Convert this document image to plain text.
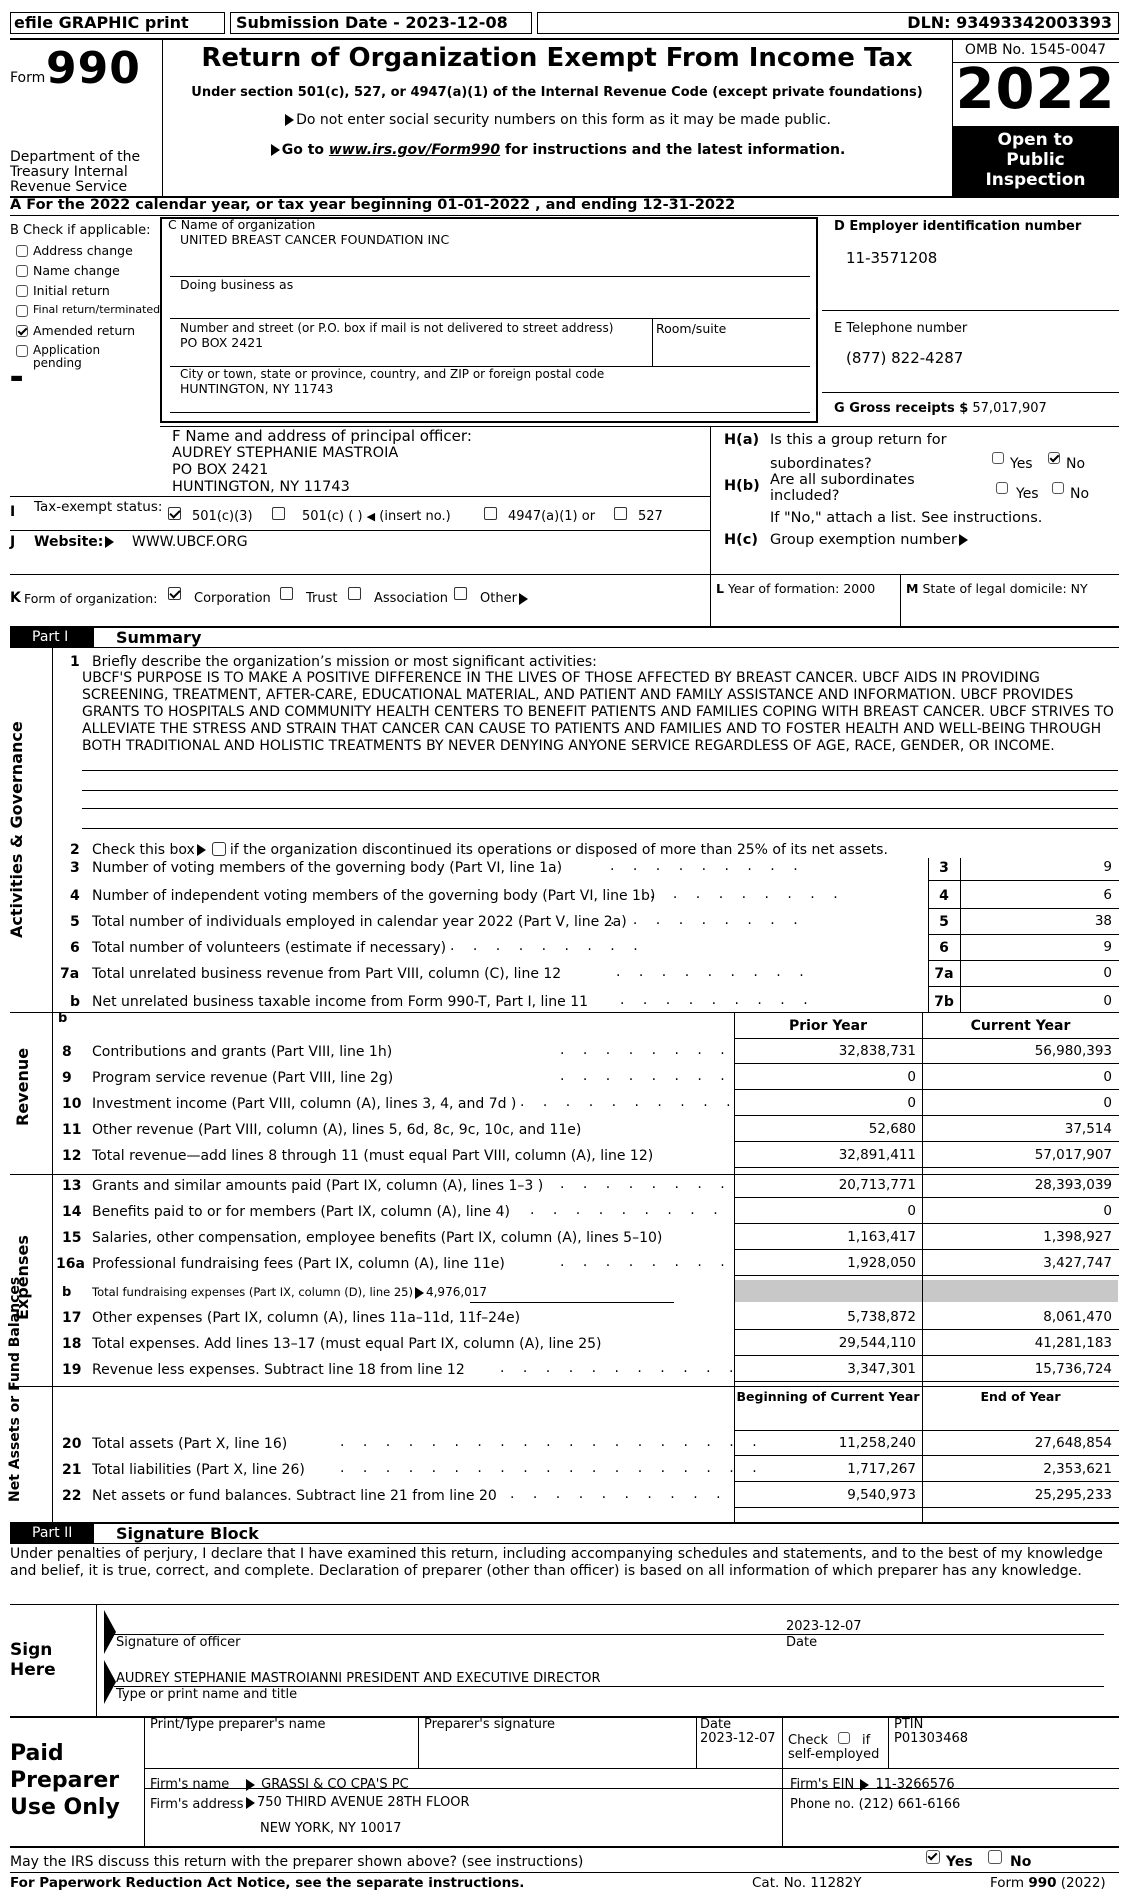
efile GRAPHIC print	Submission Date - 2023-12-08	DLN: 93493342003393
Form 990
Department of the Treasury Internal Revenue Service
Return of Organization Exempt From Income Tax
Under section 501(c), 527, or 4947(a)(1) of the Internal Revenue Code (except private foundations)
Do not enter social security numbers on this form as it may be made public.
Go to www.irs.gov/Form990 for instructions and the latest information.
OMB No. 1545-0047
2022
Open to Public Inspection
A For the 2022 calendar year, or tax year beginning 01-01-2022 , and ending 12-31-2022
B Check if applicable:
▬
C Name of organization
UNITED BREAST CANCER FOUNDATION INC
Doing business as
Number and street (or P.O. box if mail is not delivered to street address)	Room/suite
PO BOX 2421
City or town, state or province, country, and ZIP or foreign postal code
HUNTINGTON, NY 11743
D Employer identification number
11-3571208
E Telephone number
(877) 822-4287
G Gross receipts $ 57,017,907
F Name and address of principal officer:
AUDREY STEPHANIE MASTROIA
PO BOX 2421
HUNTINGTON, NY 11743
H(a) Is this a group return for
subordinates?	Yes No
H(b) Are all subordinates
included?	Yes No
If "No," attach a list. See instructions.
H(c) Group exemption number
I Tax-exempt status:
501(c)(3)	501(c) ( ) ◀ (insert no.)	4947(a)(1) or	527
J Website:	WWW.UBCF.ORG
K Form of organization:	Corporation	Trust	Association Other
L Year of formation: 2000 M State of legal domicile: NY
Part I	Summary
Activities & Governance
Revenue
Expenses
Net Assets or Fund Balances
1 Briefly describe the organization’s mission or most significant activities:
UBCF'S PURPOSE IS TO MAKE A POSITIVE DIFFERENCE IN THE LIVES OF THOSE AFFECTED BY BREAST CANCER. UBCF AIDS IN PROVIDING SCREENING, TREATMENT, AFTER-CARE, EDUCATIONAL MATERIAL, AND PATIENT AND FAMILY ASSISTANCE AND INFORMATION. UBCF PROVIDES GRANTS TO HOSPITALS AND COMMUNITY HEALTH CENTERS TO BENEFIT PATIENTS AND FAMILIES COPING WITH BREAST CANCER. UBCF STRIVES TO ALLEVIATE THE STRESS AND STRAIN THAT CANCER CAN CAUSE TO PATIENTS AND FAMILIES AND TO FOSTER HEALTH AND WELL-BEING THROUGH BOTH TRADITIONAL AND HOLISTIC TREATMENTS BY NEVER DENYING ANYONE SERVICE REGARDLESS OF AGE, RACE, GENDER, OR INCOME.
2 Check this box	if the organization discontinued its operations or disposed of more than 25% of its net assets.
b	Prior Year	Current Year
b Total fundraising expenses (Part IX, column (D), line 25) 4,976,017
Beginning of Current Year	End of Year
Part II	Signature Block
Under penalties of perjury, I declare that I have examined this return, including accompanying schedules and statements, and to the best of my knowledge and belief, it is true, correct, and complete. Declaration of preparer (other than officer) is based on all information of which preparer has any knowledge.
Sign Here
2023-12-07
Signature of officer	Date
AUDREY STEPHANIE MASTROIANNI PRESIDENT AND EXECUTIVE DIRECTOR
Type or print name and title
Paid Preparer Use Only
Print/Type preparer's name	Preparer's signature	Date
2023-12-07 Check	if
self-employed
PTIN
P01303468
Firm's name	GRASSI & CO CPA'S PC	Firm's EIN 11-3266576
Firm's address	750 THIRD AVENUE 28TH FLOOR
NEW YORK, NY 10017
Phone no. (212) 661-6166
May the IRS discuss this return with the preparer shown above? (see instructions)	Yes	No
For Paperwork Reduction Act Notice, see the separate instructions.	Cat. No. 11282Y	Form 990 (2022)
Address change
Name change
Initial return
Final return/terminated
Amended return
Application pending
3 Number of voting members of the governing body (Part VI, line 1a)	3	9
4 Number of independent voting members of the governing body (Part VI, line 1b)	4	6
5 Total number of individuals employed in calendar year 2022 (Part V, line 2a)	5	38
6 Total number of volunteers (estimate if necessary)	6	9
7a Total unrelated business revenue from Part VIII, column (C), line 12	7a	0
b Net unrelated business taxable income from Form 990-T, Part I, line 11	7b	0
. . . . . . . . .
. . . . . . . . .
. . . . . . . . .
. . . . . . . . .
. . . . . . . . .
. . . . . . . . .
8 Contributions and grants (Part VIII, line 1h)	32,838,731	56,980,393
9 Program service revenue (Part VIII, line 2g)	0	0
10 Investment income (Part VIII, column (A), lines 3, 4, and 7d )	0	0
11 Other revenue (Part VIII, column (A), lines 5, 6d, 8c, 9c, 10c, and 11e)	52,680	37,514
12 Total revenue—add lines 8 through 11 (must equal Part VIII, column (A), line 12)	32,891,411	57,017,907
13 Grants and similar amounts paid (Part IX, column (A), lines 1–3 )	20,713,771	28,393,039
14 Benefits paid to or for members (Part IX, column (A), line 4)	0	0
15 Salaries, other compensation, employee benefits (Part IX, column (A), lines 5–10)	1,163,417	1,398,927
16a Professional fundraising fees (Part IX, column (A), line 11e)	1,928,050	3,427,747
17 Other expenses (Part IX, column (A), lines 11a–11d, 11f–24e)	5,738,872	8,061,470
18 Total expenses. Add lines 13–17 (must equal Part IX, column (A), line 25)	29,544,110	41,281,183
19 Revenue less expenses. Subtract line 18 from line 12	3,347,301	15,736,724
20 Total assets (Part X, line 16)	11,258,240	27,648,854
21 Total liabilities (Part X, line 26)	1,717,267	2,353,621
22 Net assets or fund balances. Subtract line 21 from line 20	9,540,973	25,295,233
. . . . . . . .
. . . . . . . .
. . . . . . . . . .
. . . . . . . .
. . . . . . . . .
. . . . . . . .
. . . . . . . . . . .
. . . . . . . . . . . . . . . . . . .
. . . . . . . . . . . . . . . . . . .
. . . . . . . . . .
